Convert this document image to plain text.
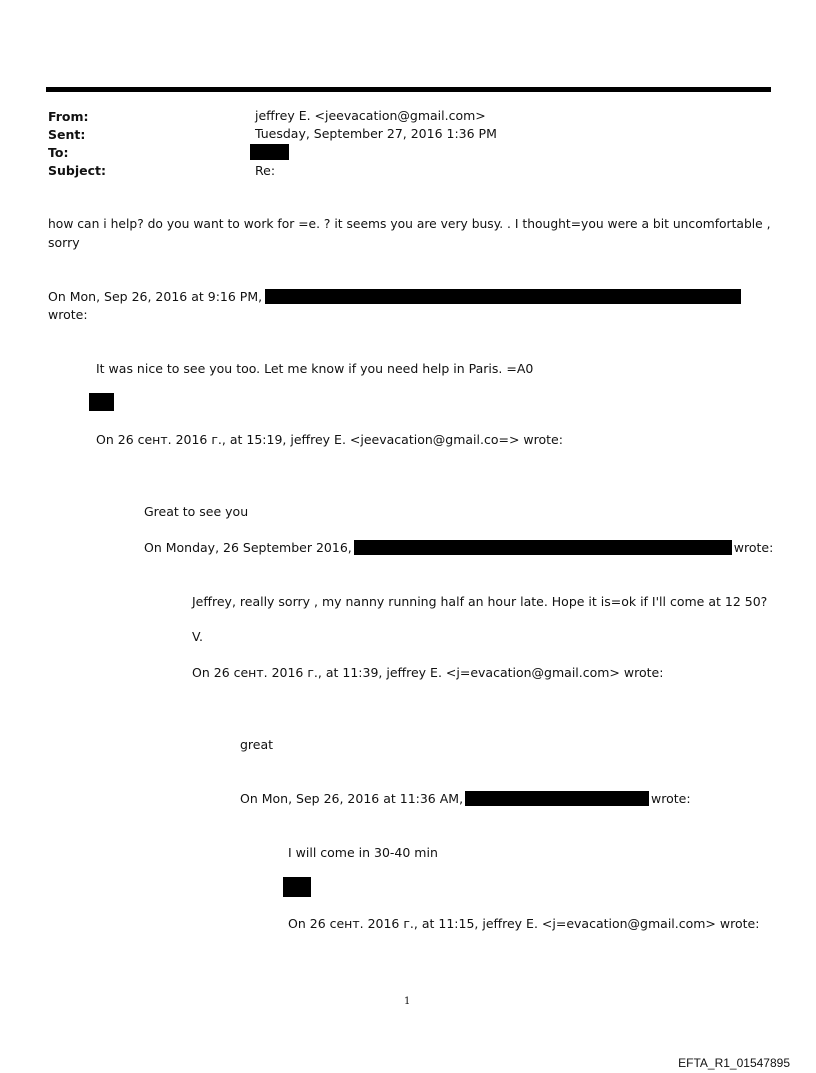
From:	jeffrey E. <jeevacation@gmail.com>
Sent:	Tuesday, September 27, 2016 1:36 PM
To:
Subject:	Re:
how can i help? do you want to work for =e. ? it seems you are very busy. . I thought=you were a bit uncomfortable ,
sorry
On Mon, Sep 26, 2016 at 9:16 PM,
wrote:
It was nice to see you too. Let me know if you need help in Paris. =A0
On 26 сент. 2016 г., at 15:19, jeffrey E. <jeevacation@gmail.co=> wrote:
Great to see you
On Monday, 26 September 2016,	wrote:
Jeffrey, really sorry , my nanny running half an hour late. Hope it is=ok if I'll come at 12 50?
V.
On 26 сент. 2016 г., at 11:39, jeffrey E. <j=evacation@gmail.com> wrote:
great
On Mon, Sep 26, 2016 at 11:36 AM,	wrote:
I will come in 30-40 min
On 26 сент. 2016 г., at 11:15, jeffrey E. <j=evacation@gmail.com> wrote:
1
EFTA_R1_01547895
